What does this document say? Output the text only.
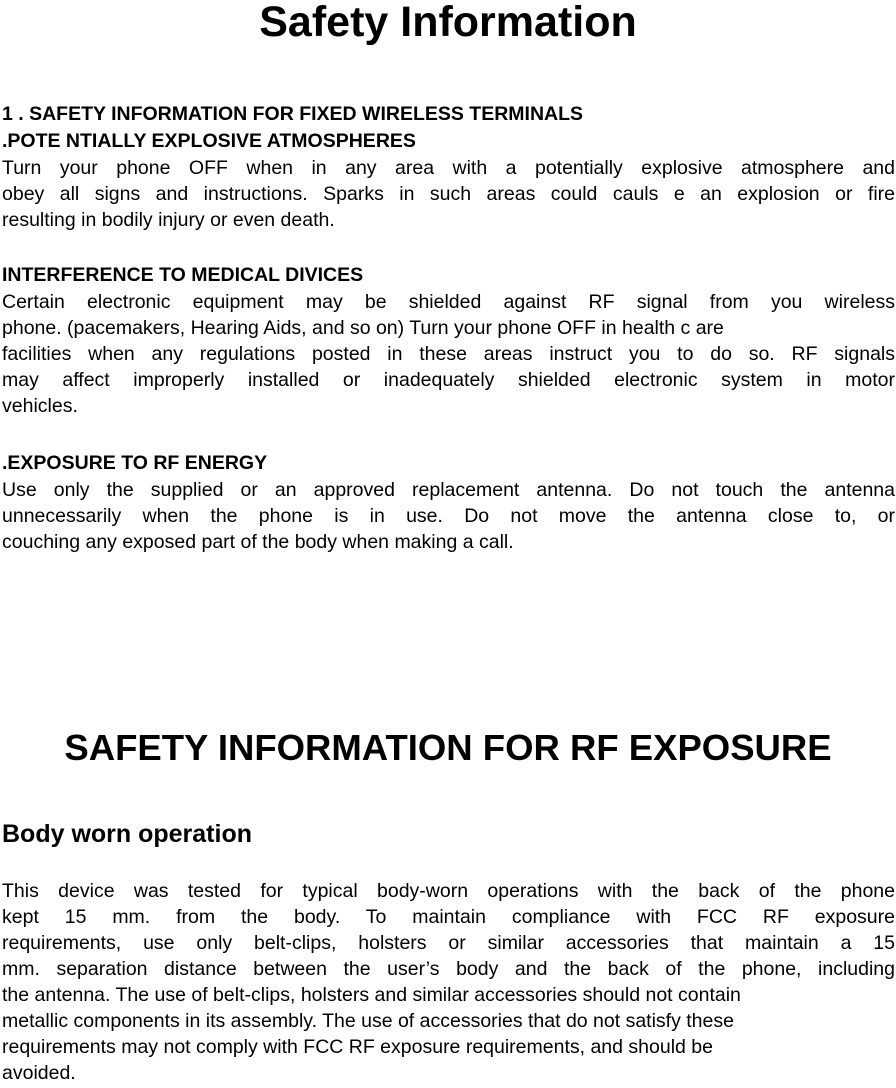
Safety Information
1 . SAFETY INFORMATION FOR FIXED WIRELESS TERMINALS
.POTE NTIALLY EXPLOSIVE ATMOSPHERES
Turn your phone OFF when in any area with a potentially explosive atmosphere and
obey all signs and instructions. Sparks in such areas could cauls e an explosion or fire
resulting in bodily injury or even death.
INTERFERENCE TO MEDICAL DIVICES
Certain electronic equipment may be shielded against RF signal from you wireless
phone. (pacemakers, Hearing Aids, and so on) Turn your phone OFF in health c are
facilities when any regulations posted in these areas instruct you to do so. RF signals
may affect improperly installed or inadequately shielded electronic system in motor
vehicles.
.EXPOSURE TO RF ENERGY
Use only the supplied or an approved replacement antenna. Do not touch the antenna
unnecessarily when the phone is in use. Do not move the antenna close to, or
couching any exposed part of the body when making a call.
SAFETY INFORMATION FOR RF EXPOSURE
Body worn operation
This device was tested for typical body-worn operations with the back of the phone
kept 15 mm. from the body. To maintain compliance with FCC RF exposure
requirements, use only belt-clips, holsters or similar accessories that maintain a 15
mm. separation distance between the user’s body and the back of the phone, including
the antenna. The use of belt-clips, holsters and similar accessories should not contain
metallic components in its assembly. The use of accessories that do not satisfy these
requirements may not comply with FCC RF exposure requirements, and should be
avoided.
